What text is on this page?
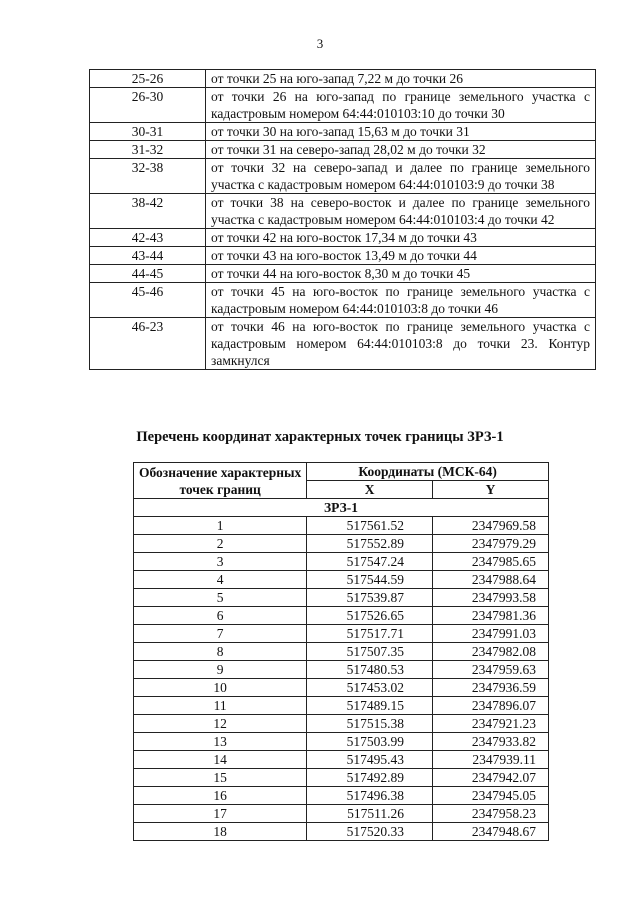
3
25-26	от точки 25 на юго-запад 7,22 м до точки 26
26-30	от точки 26 на юго-запад по границе земельного участка с кадастровым номером 64:44:010103:10 до точки 30
30-31	от точки 30 на юго-запад 15,63 м до точки 31
31-32	от точки 31 на северо-запад 28,02 м до точки 32
32-38	от точки 32 на северо-запад и далее по границе земельного участка с кадастровым номером 64:44:010103:9 до точки 38
38-42	от точки 38 на северо-восток и далее по границе земельного участка с кадастровым номером 64:44:010103:4 до точки 42
42-43	от точки 42 на юго-восток 17,34 м до точки 43
43-44	от точки 43 на юго-восток 13,49 м до точки 44
44-45	от точки 44 на юго-восток 8,30 м до точки 45
45-46	от точки 45 на юго-восток по границе земельного участка с кадастровым номером 64:44:010103:8 до точки 46
46-23	от точки 46 на юго-восток по границе земельного участка с кадастровым номером 64:44:010103:8 до точки 23. Контур замкнулся
Перечень координат характерных точек границы ЗРЗ-1
Обозначение характерных точек границ	Координаты (МСК-64)	
	X	Y
ЗРЗ-1		
1	517561.52	2347969.58
2	517552.89	2347979.29
3	517547.24	2347985.65
4	517544.59	2347988.64
5	517539.87	2347993.58
6	517526.65	2347981.36
7	517517.71	2347991.03
8	517507.35	2347982.08
9	517480.53	2347959.63
10	517453.02	2347936.59
11	517489.15	2347896.07
12	517515.38	2347921.23
13	517503.99	2347933.82
14	517495.43	2347939.11
15	517492.89	2347942.07
16	517496.38	2347945.05
17	517511.26	2347958.23
18	517520.33	2347948.67
